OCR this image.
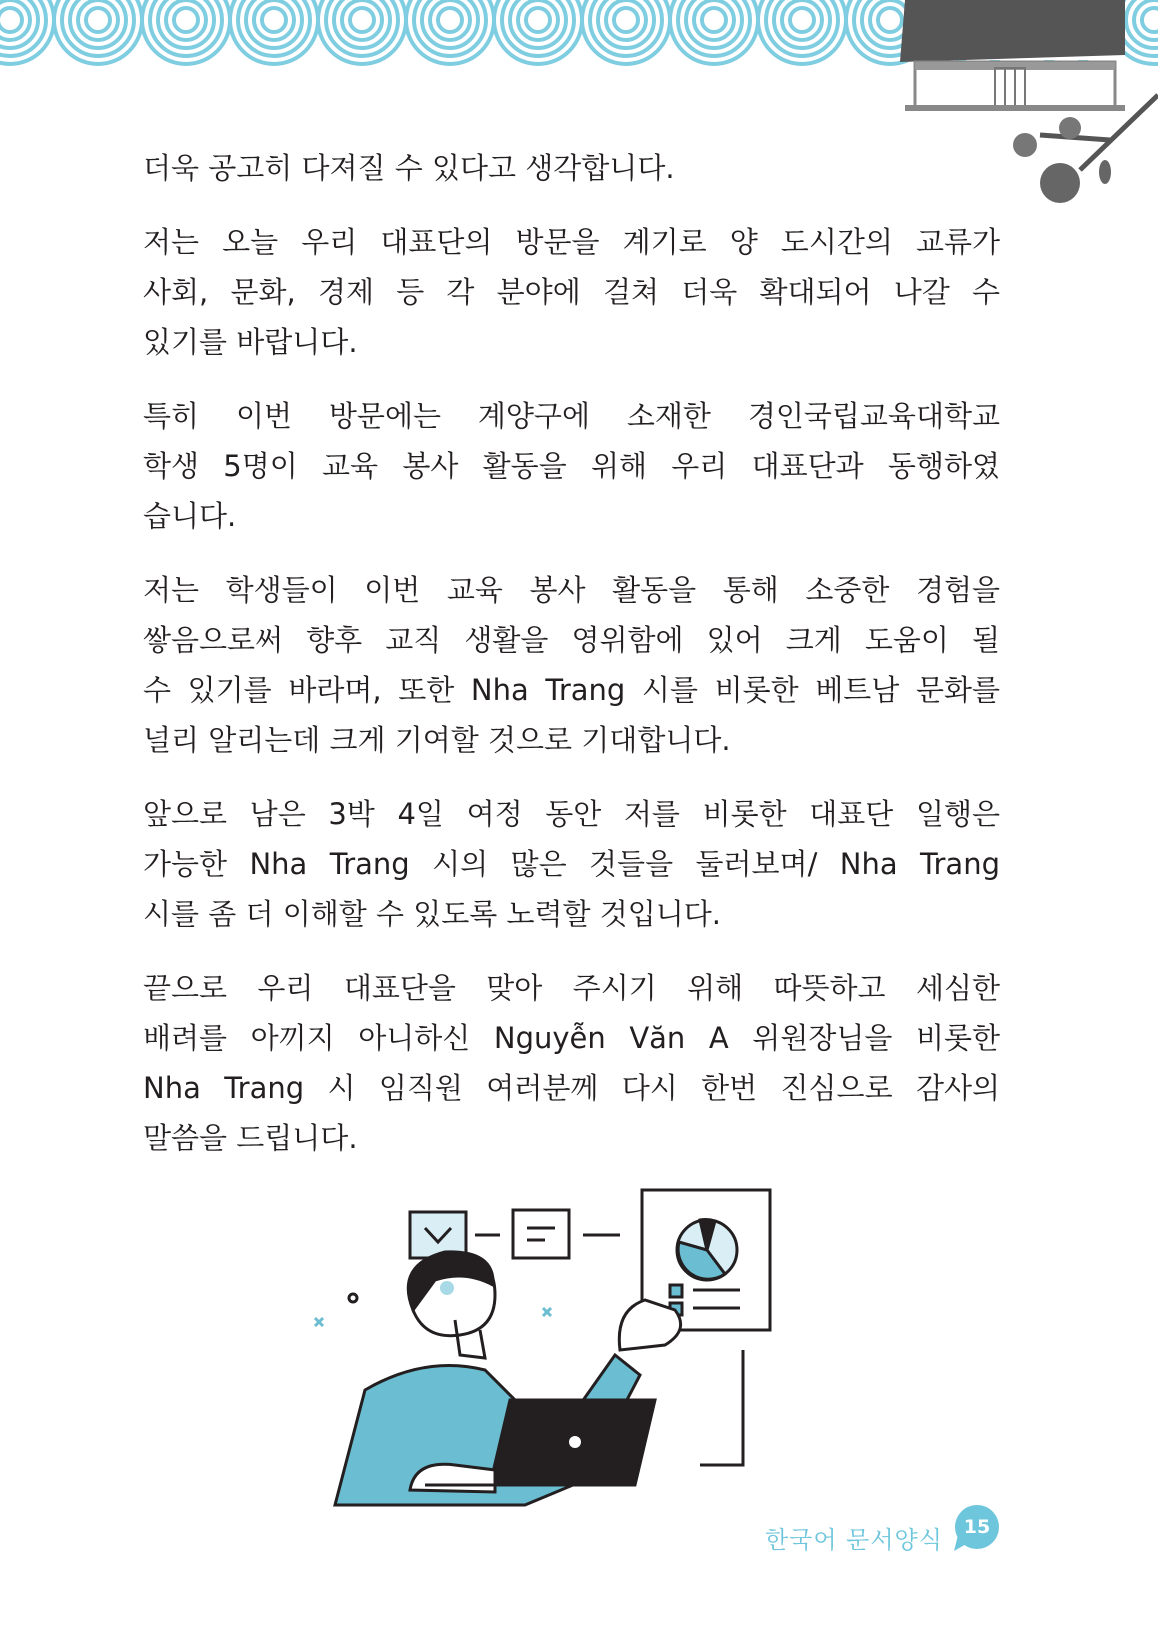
더욱 공고히 다져질 수 있다고 생각합니다.
저는 오늘 우리 대표단의 방문을 계기로 양 도시간의 교류가
사회, 문화, 경제 등 각 분야에 걸쳐 더욱 확대되어 나갈 수
있기를 바랍니다.
특히 이번 방문에는 계양구에 소재한 경인국립교육대학교
학생 5명이 교육 봉사 활동을 위해 우리 대표단과 동행하였
습니다.
저는 학생들이 이번 교육 봉사 활동을 통해 소중한 경험을
쌓음으로써 향후 교직 생활을 영위함에 있어 크게 도움이 될
수 있기를 바라며, 또한 Nha Trang 시를 비롯한 베트남 문화를
널리 알리는데 크게 기여할 것으로 기대합니다.
앞으로 남은 3박 4일 여정 동안 저를 비롯한 대표단 일행은
가능한 Nha Trang 시의 많은 것들을 둘러보며/ Nha Trang
시를 좀 더 이해할 수 있도록 노력할 것입니다.
끝으로 우리 대표단을 맞아 주시기 위해 따뜻하고 세심한
배려를 아끼지 아니하신 Nguyễn Văn A 위원장님을 비롯한
Nha Trang 시 임직원 여러분께 다시 한번 진심으로 감사의
말씀을 드립니다.
한국어 문서양식	15
